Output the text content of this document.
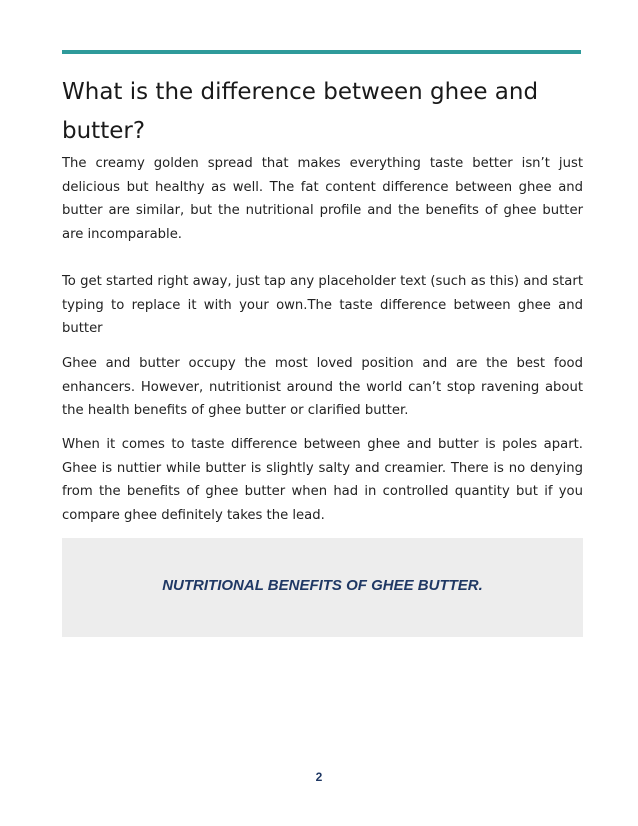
What is the difference between ghee and butter?

The creamy golden spread that makes everything taste better isn’t just delicious but healthy as well. The fat content difference between ghee and butter are similar, but the nutritional profile and the benefits of ghee butter are incomparable.

To get started right away, just tap any placeholder text (such as this) and start typing to replace it with your own.The taste difference between ghee and butter

Ghee and butter occupy the most loved position and are the best food enhancers. However, nutritionist around the world can’t stop ravening about the health benefits of ghee butter or clarified butter.

When it comes to taste difference between ghee and butter is poles apart. Ghee is nuttier while butter is slightly salty and creamier. There is no denying from the benefits of ghee butter when had in controlled quantity but if you compare ghee definitely takes the lead.

NUTRITIONAL BENEFITS OF GHEE BUTTER.

2
